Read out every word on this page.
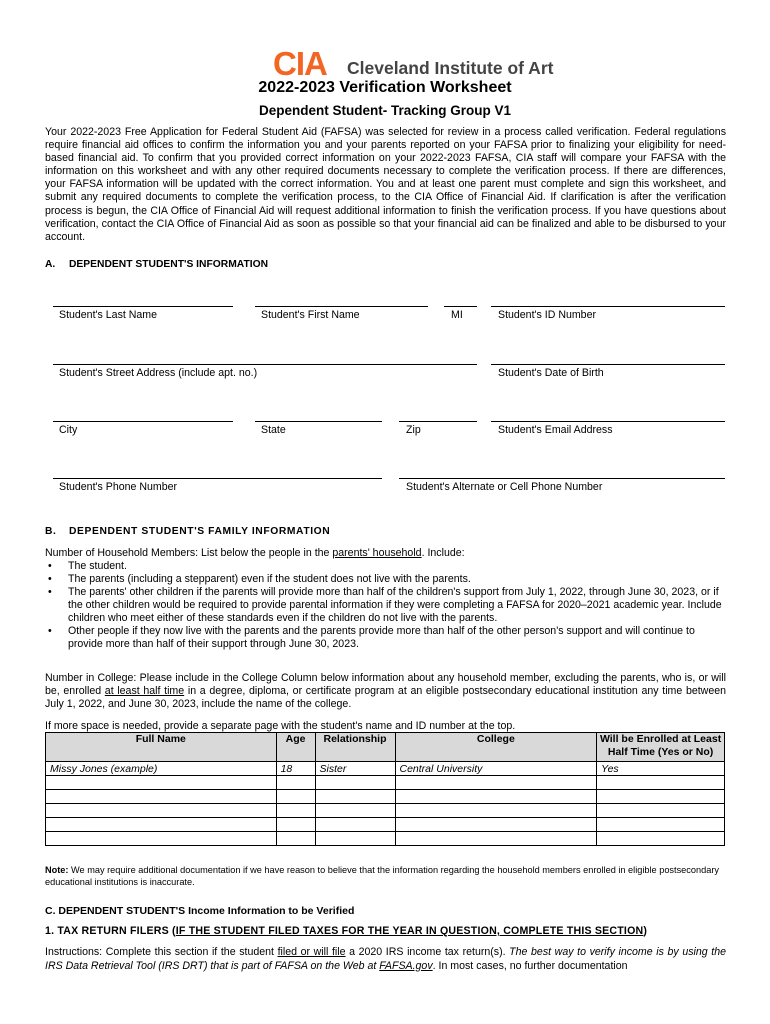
CIA Cleveland Institute of Art
2022-2023 Verification Worksheet
Dependent Student- Tracking Group V1
Your 2022-2023 Free Application for Federal Student Aid (FAFSA) was selected for review in a process called verification. Federal regulations require financial aid offices to confirm the information you and your parents reported on your FAFSA prior to finalizing your eligibility for need-based financial aid. To confirm that you provided correct information on your 2022-2023 FAFSA, CIA staff will compare your FAFSA with the information on this worksheet and with any other required documents necessary to complete the verification process. If there are differences, your FAFSA information will be updated with the correct information. You and at least one parent must complete and sign this worksheet, and submit any required documents to complete the verification process, to the CIA Office of Financial Aid. If clarification is after the verification process is begun, the CIA Office of Financial Aid will request additional information to finish the verification process. If you have questions about verification, contact the CIA Office of Financial Aid as soon as possible so that your financial aid can be finalized and able to be disbursed to your account.
A. DEPENDENT STUDENT'S INFORMATION
Student's Last Name	Student's First Name	MI	Student's ID Number
Student's Street Address (include apt. no.)	Student's Date of Birth
City	State	Zip	Student's Email Address
Student's Phone Number	Student's Alternate or Cell Phone Number
B. DEPENDENT STUDENT'S FAMILY INFORMATION
Number of Household Members: List below the people in the parents' household. Include:
• The student.
• The parents (including a stepparent) even if the student does not live with the parents.
• The parents' other children if the parents will provide more than half of the children's support from July 1, 2022, through June 30, 2023, or if the other children would be required to provide parental information if they were completing a FAFSA for 2020–2021 academic year. Include children who meet either of these standards even if the children do not live with the parents.
• Other people if they now live with the parents and the parents provide more than half of the other person's support and will continue to provide more than half of their support through June 30, 2023.
Number in College: Please include in the College Column below information about any household member, excluding the parents, who is, or will be, enrolled at least half time in a degree, diploma, or certificate program at an eligible postsecondary educational institution any time between July 1, 2022, and June 30, 2023, include the name of the college.
If more space is needed, provide a separate page with the student's name and ID number at the top.
Full Name	Age	Relationship	College	Will be Enrolled at Least Half Time (Yes or No)
Missy Jones (example)	18	Sister	Central University	Yes

Note: We may require additional documentation if we have reason to believe that the information regarding the household members enrolled in eligible postsecondary educational institutions is inaccurate.
C. DEPENDENT STUDENT'S Income Information to be Verified
1. TAX RETURN FILERS (IF THE STUDENT FILED TAXES FOR THE YEAR IN QUESTION, COMPLETE THIS SECTION)
Instructions: Complete this section if the student filed or will file a 2020 IRS income tax return(s). The best way to verify income is by using the IRS Data Retrieval Tool (IRS DRT) that is part of FAFSA on the Web at FAFSA.gov. In most cases, no further documentation
